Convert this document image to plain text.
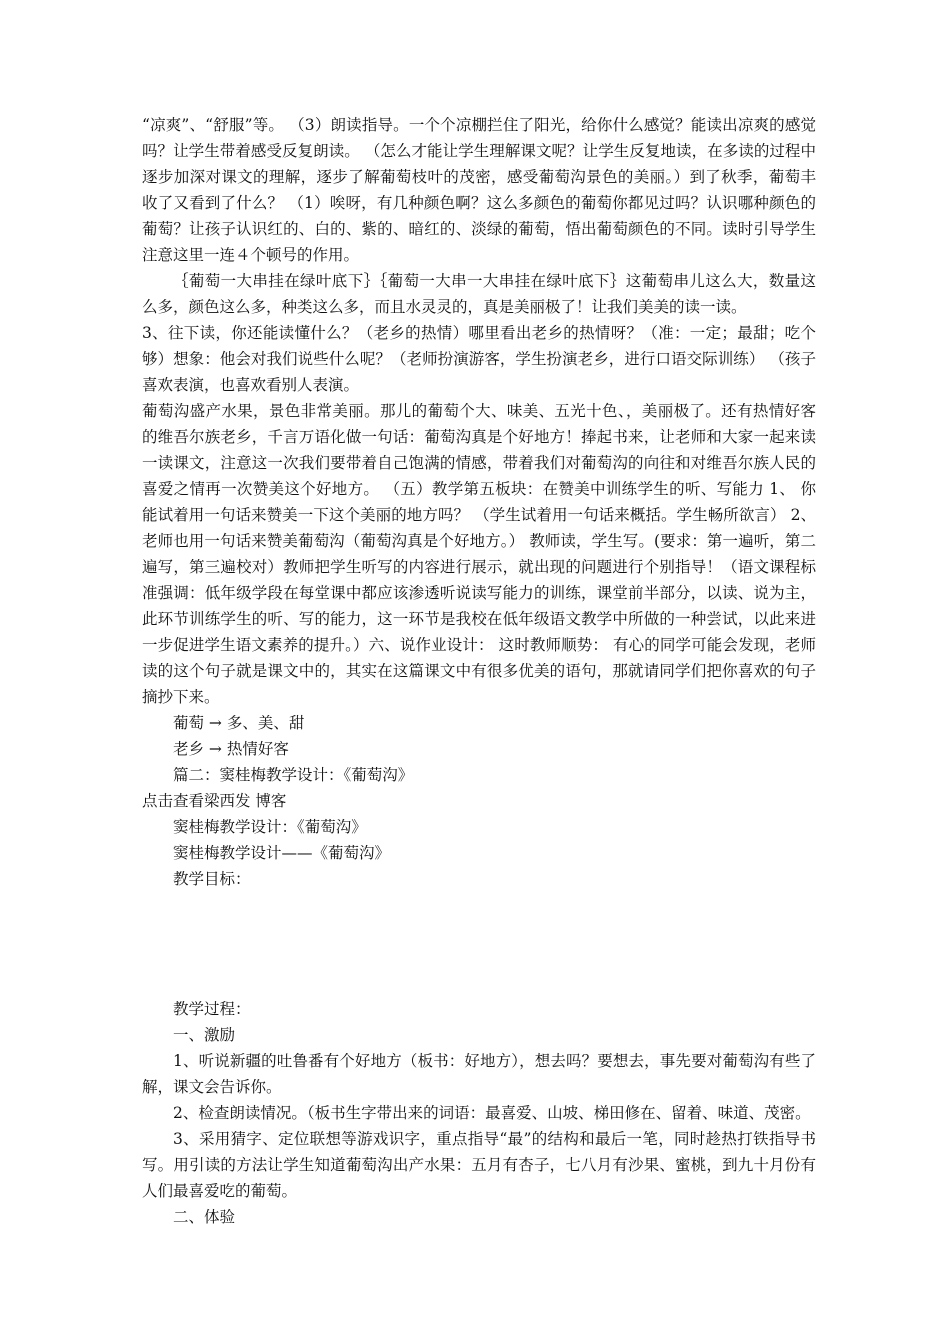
“凉爽”、“舒服”等。 （3）朗读指导。一个个凉棚拦住了阳光，给你什么感觉？能读出凉爽的感觉吗？让学生带着感受反复朗读。 （怎么才能让学生理解课文呢？让学生反复地读，在多读的过程中逐步加深对课文的理解，逐步了解葡萄枝叶的茂密，感受葡萄沟景色的美丽。）到了秋季，葡萄丰收了又看到了什么？ （1）唉呀，有几种颜色啊？这么多颜色的葡萄你都见过吗？认识哪种颜色的葡萄？让孩子认识红的、白的、紫的、暗红的、淡绿的葡萄，悟出葡萄颜色的不同。读时引导学生注意这里一连４个顿号的作用。

｛葡萄一大串挂在绿叶底下｝｛葡萄一大串一大串挂在绿叶底下｝这葡萄串儿这么大，数量这么多，颜色这么多，种类这么多，而且水灵灵的，真是美丽极了！让我们美美的读一读。

3、往下读，你还能读懂什么？（老乡的热情）哪里看出老乡的热情呀？（准：一定；最甜；吃个够）想象：他会对我们说些什么呢？（老师扮演游客，学生扮演老乡，进行口语交际训练） （孩子喜欢表演，也喜欢看别人表演。

葡萄沟盛产水果，景色非常美丽。那儿的葡萄个大、味美、五光十色、，美丽极了。还有热情好客的维吾尔族老乡，千言万语化做一句话：葡萄沟真是个好地方！捧起书来，让老师和大家一起来读一读课文，注意这一次我们要带着自己饱满的情感，带着我们对葡萄沟的向往和对维吾尔族人民的喜爱之情再一次赞美这个好地方。 （五）教学第五板块：在赞美中训练学生的听、写能力 1、 你能试着用一句话来赞美一下这个美丽的地方吗？ （学生试着用一句话来概括。学生畅所欲言） 2、老师也用一句话来赞美葡萄沟（葡萄沟真是个好地方。） 教师读，学生写。(要求：第一遍听，第二遍写，第三遍校对）教师把学生听写的内容进行展示，就出现的问题进行个别指导！（语文课程标准强调：低年级学段在每堂课中都应该渗透听说读写能力的训练，课堂前半部分，以读、说为主，此环节训练学生的听、写的能力，这一环节是我校在低年级语文教学中所做的一种尝试，以此来进一步促进学生语文素养的提升。）六、说作业设计： 这时教师顺势： 有心的同学可能会发现，老师读的这个句子就是课文中的，其实在这篇课文中有很多优美的语句，那就请同学们把你喜欢的句子摘抄下来。

葡萄 → 多、美、甜

老乡 → 热情好客

篇二：窦桂梅教学设计：《葡萄沟》

点击查看梁西发 博客

窦桂梅教学设计：《葡萄沟》

窦桂梅教学设计——《葡萄沟》

教学目标：

教学过程：

一、激励

1、听说新疆的吐鲁番有个好地方（板书：好地方），想去吗？要想去，事先要对葡萄沟有些了解，课文会告诉你。

2、检查朗读情况。（板书生字带出来的词语：最喜爱、山坡、梯田修在、留着、味道、茂密。

3、采用猜字、定位联想等游戏识字，重点指导“最”的结构和最后一笔，同时趁热打铁指导书写。用引读的方法让学生知道葡萄沟出产水果：五月有杏子，七八月有沙果、蜜桃，到九十月份有人们最喜爱吃的葡萄。

二、体验
